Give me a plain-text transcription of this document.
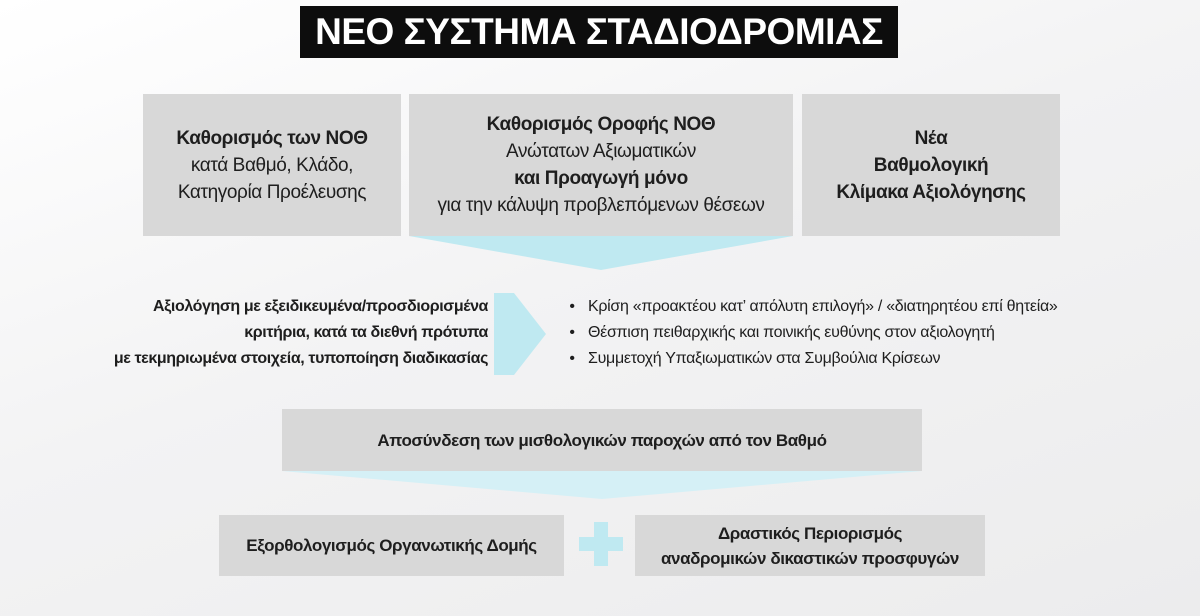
ΝΕΟ ΣΥΣΤΗΜΑ ΣΤΑΔΙΟΔΡΟΜΙΑΣ
Καθορισμός των ΝΟΘ
κατά Βαθμό, Κλάδο,
Κατηγορία Προέλευσης
Καθορισμός Οροφής ΝΟΘ
Ανώτατων Αξιωματικών
και Προαγωγή μόνο
για την κάλυψη προβλεπόμενων θέσεων
Νέα
Βαθμολογική
Κλίμακα Αξιολόγησης
Αξιολόγηση με εξειδικευμένα/προσδιορισμένα
κριτήρια, κατά τα διεθνή πρότυπα
με τεκμηριωμένα στοιχεία, τυποποίηση διαδικασίας
• Κρίση «προακτέου κατ’ απόλυτη επιλογή» / «διατηρητέου επί θητεία»
• Θέσπιση πειθαρχικής και ποινικής ευθύνης στον αξιολογητή
• Συμμετοχή Υπαξιωματικών στα Συμβούλια Κρίσεων
Αποσύνδεση των μισθολογικών παροχών από τον Βαθμό
Εξορθολογισμός Οργανωτικής Δομής
Δραστικός Περιορισμός
αναδρομικών δικαστικών προσφυγών
